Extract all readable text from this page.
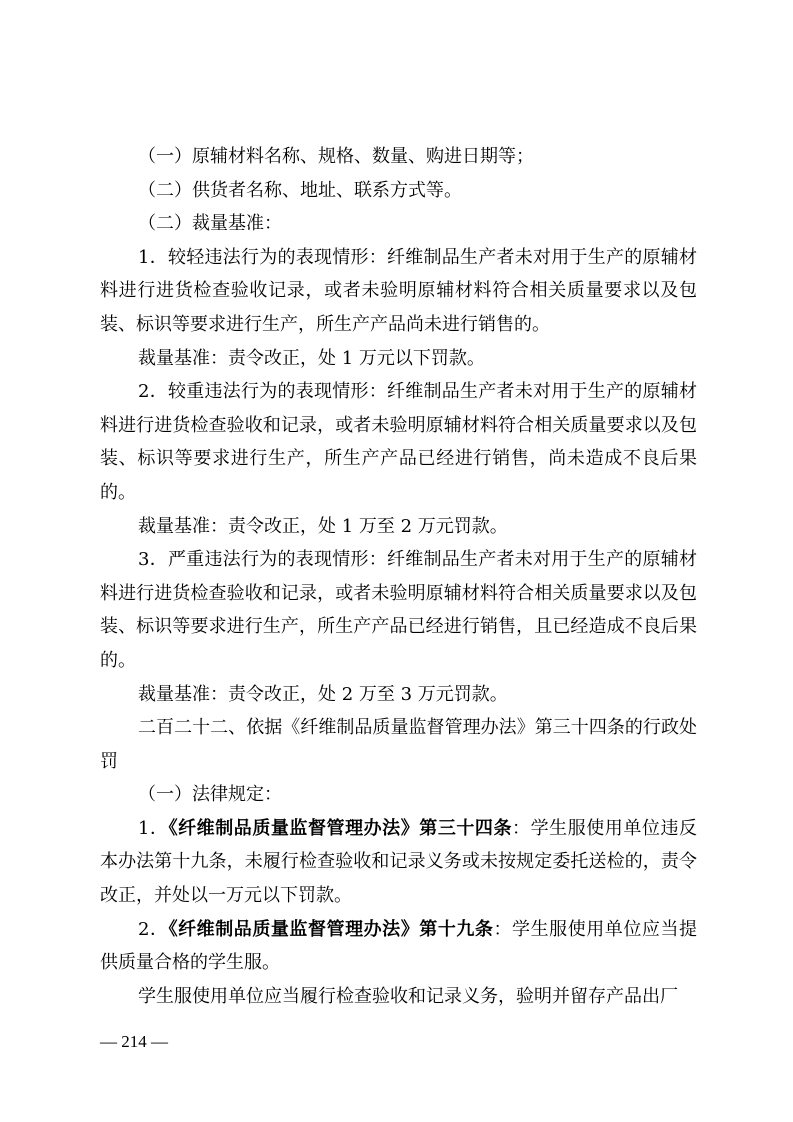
（一）原辅材料名称、规格、数量、购进日期等；

（二）供货者名称、地址、联系方式等。

（二）裁量基准：

1．较轻违法行为的表现情形：纤维制品生产者未对用于生产的原辅材料进行进货检查验收记录，或者未验明原辅材料符合相关质量要求以及包装、标识等要求进行生产，所生产产品尚未进行销售的。

裁量基准：责令改正，处 1 万元以下罚款。

2．较重违法行为的表现情形：纤维制品生产者未对用于生产的原辅材料进行进货检查验收和记录，或者未验明原辅材料符合相关质量要求以及包装、标识等要求进行生产，所生产产品已经进行销售，尚未造成不良后果的。

裁量基准：责令改正，处 1 万至 2 万元罚款。

3．严重违法行为的表现情形：纤维制品生产者未对用于生产的原辅材料进行进货检查验收和记录，或者未验明原辅材料符合相关质量要求以及包装、标识等要求进行生产，所生产产品已经进行销售，且已经造成不良后果的。

裁量基准：责令改正，处 2 万至 3 万元罚款。

二百二十二、依据《纤维制品质量监督管理办法》第三十四条的行政处罚

（一）法律规定：

1．《纤维制品质量监督管理办法》第三十四条：学生服使用单位违反本办法第十九条，未履行检查验收和记录义务或未按规定委托送检的，责令改正，并处以一万元以下罚款。

2．《纤维制品质量监督管理办法》第十九条：学生服使用单位应当提供质量合格的学生服。

学生服使用单位应当履行检查验收和记录义务，验明并留存产品出厂

— 214 —
